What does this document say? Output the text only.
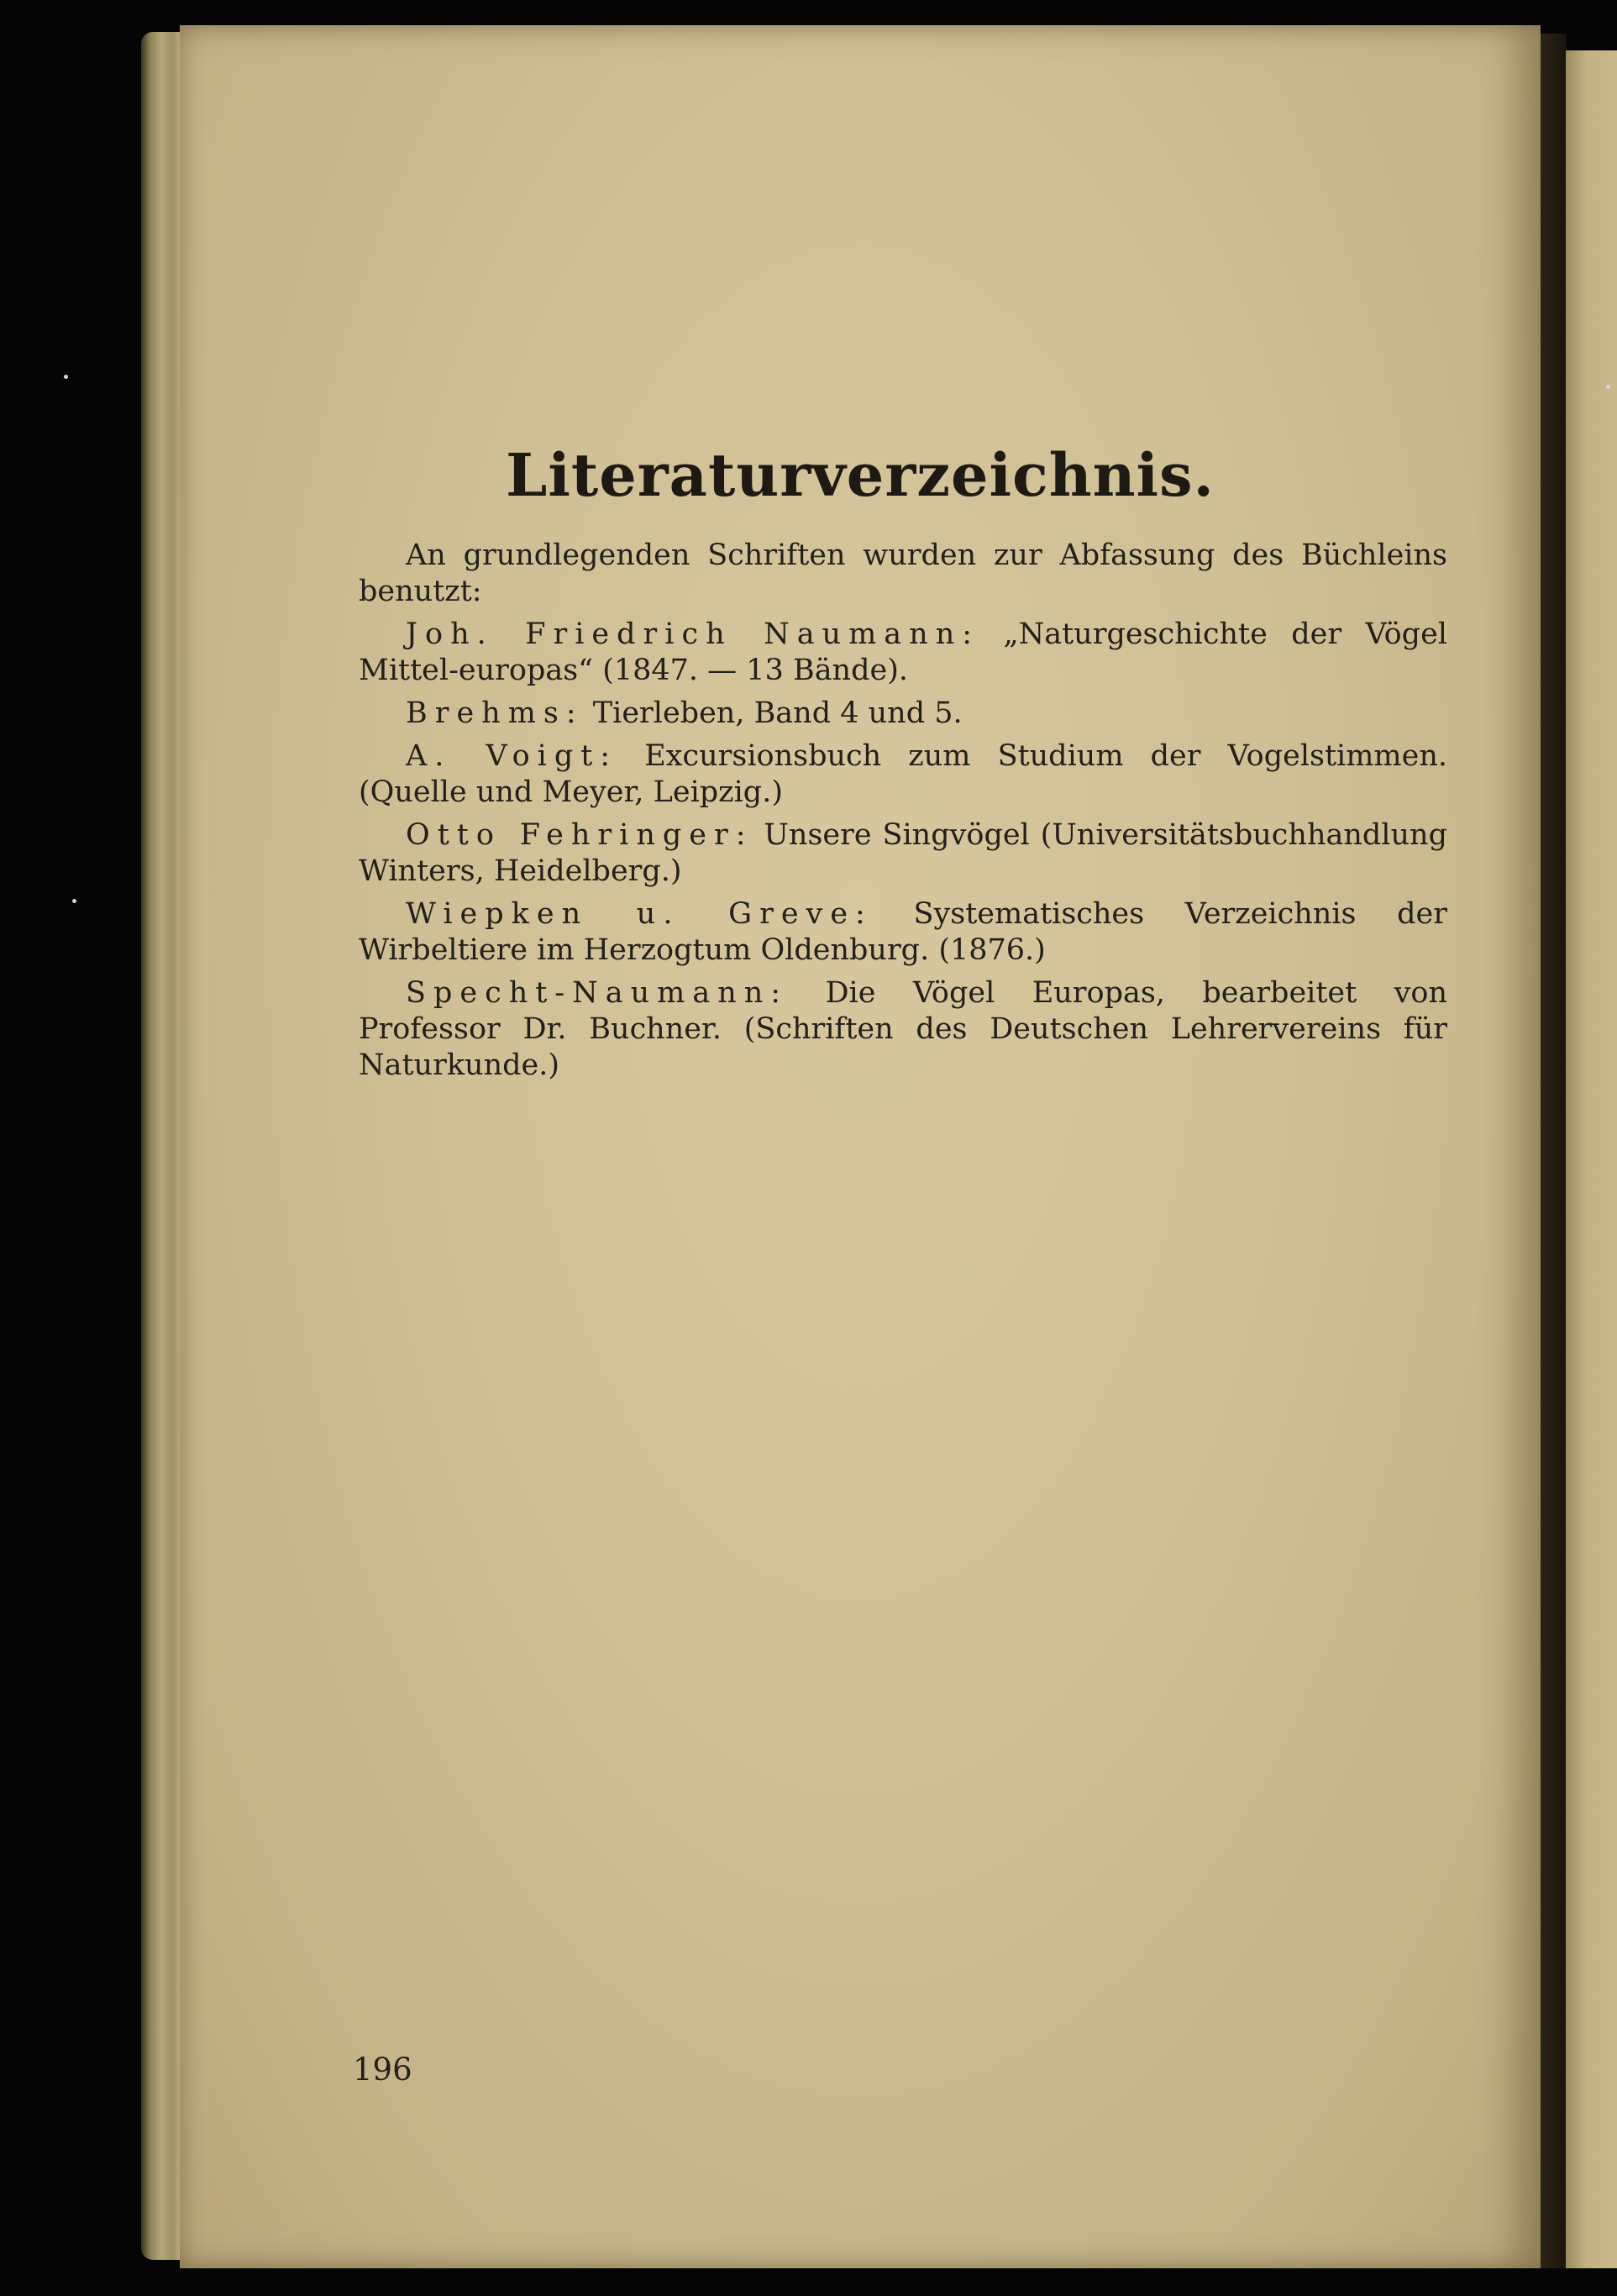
Literaturverzeichnis.

An grundlegenden Schriften wurden zur Abfassung des Büchleins benutzt:

Joh. Friedrich Naumann: „Naturgeschichte der Vögel Mittel-europas“ (1847. — 13 Bände).

Brehms: Tierleben, Band 4 und 5.

A. Voigt: Excursionsbuch zum Studium der Vogelstimmen. (Quelle und Meyer, Leipzig.)

Otto Fehringer: Unsere Singvögel (Universitätsbuchhandlung Winters, Heidelberg.)

Wiepken u. Greve: Systematisches Verzeichnis der Wirbeltiere im Herzogtum Oldenburg. (1876.)

Specht-Naumann: Die Vögel Europas, bearbeitet von Professor Dr. Buchner. (Schriften des Deutschen Lehrervereins für Naturkunde.)

196
